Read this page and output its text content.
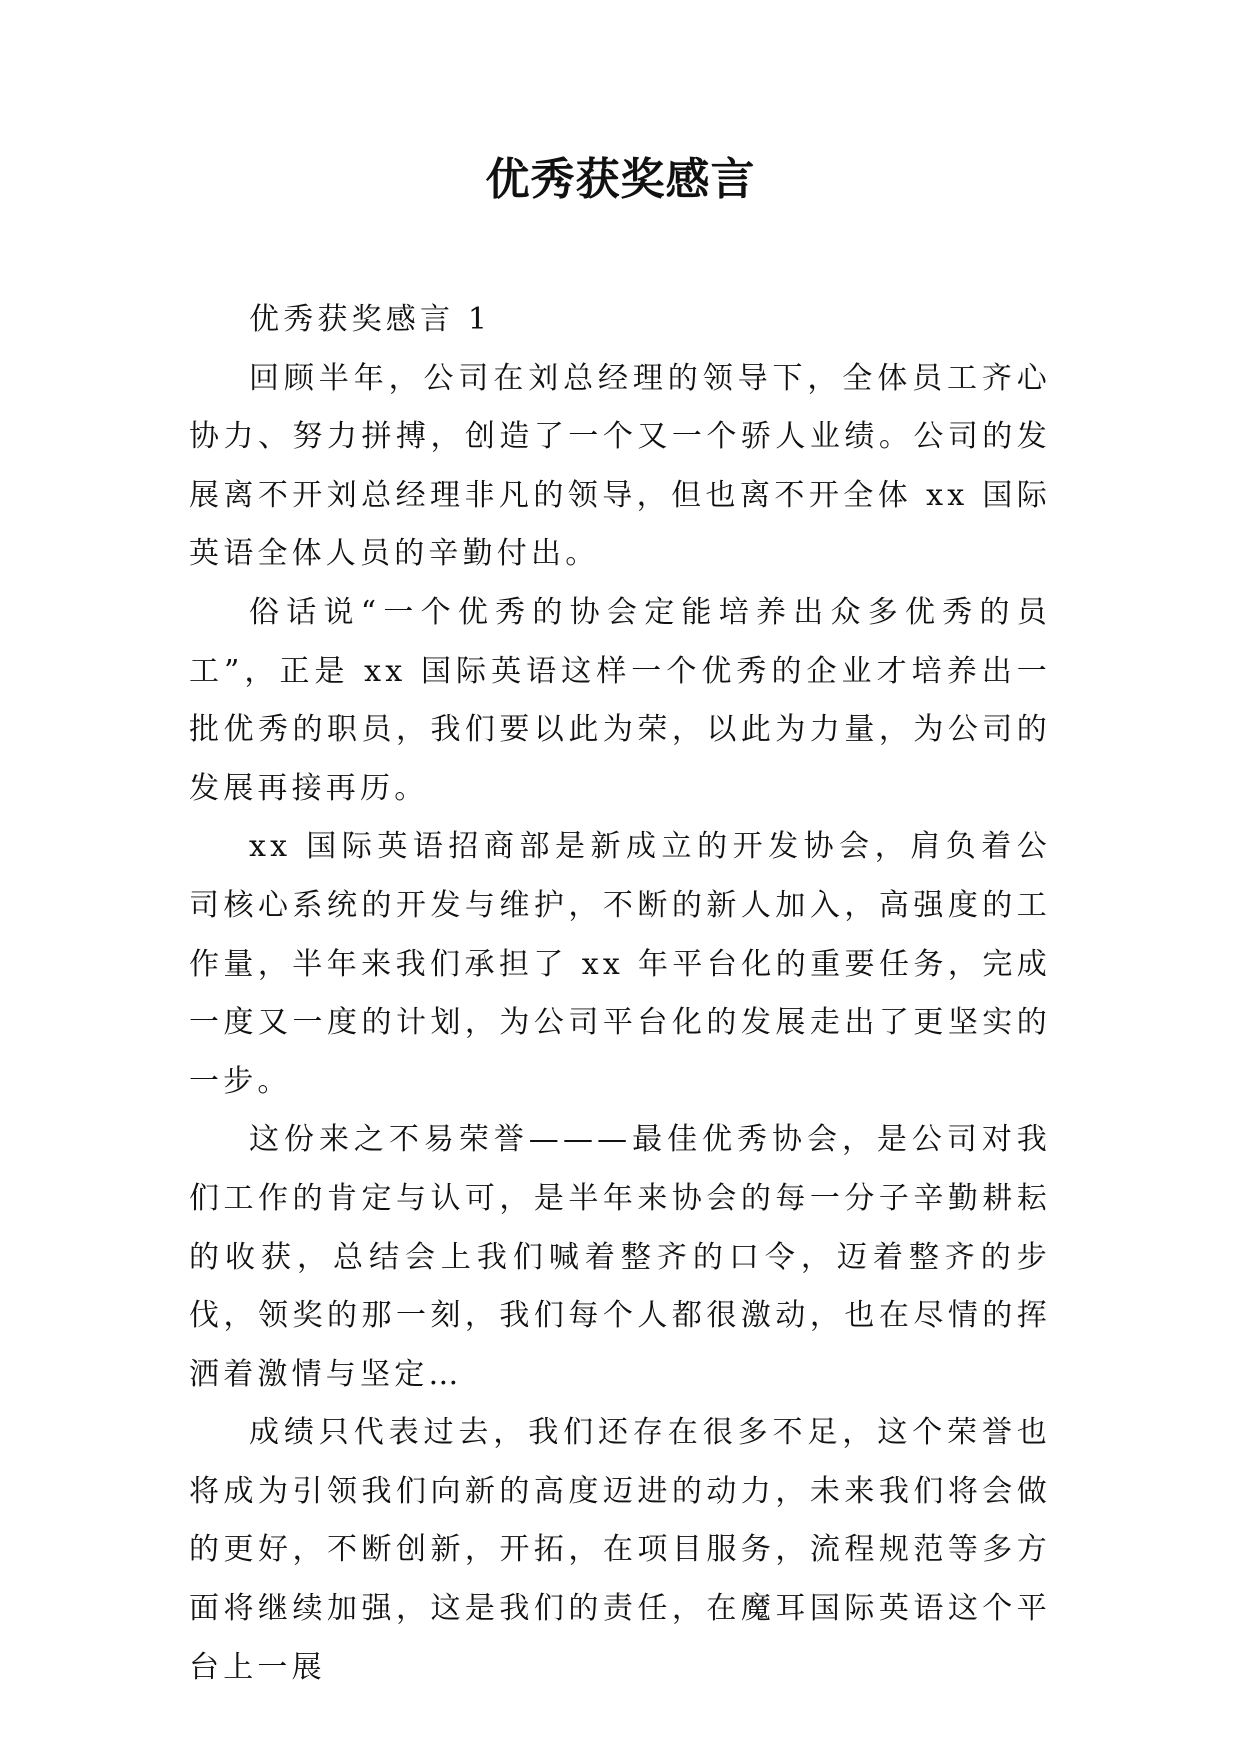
优秀获奖感言

优秀获奖感言 1

回顾半年，公司在刘总经理的领导下，全体员工齐心协力、努力拼搏，创造了一个又一个骄人业绩。公司的发展离不开刘总经理非凡的领导，但也离不开全体 xx 国际英语全体人员的辛勤付出。

俗话说“一个优秀的协会定能培养出众多优秀的员工”，正是 xx 国际英语这样一个优秀的企业才培养出一批优秀的职员，我们要以此为荣，以此为力量，为公司的发展再接再历。

xx 国际英语招商部是新成立的开发协会，肩负着公司核心系统的开发与维护，不断的新人加入，高强度的工作量，半年来我们承担了 xx 年平台化的重要任务，完成一度又一度的计划，为公司平台化的发展走出了更坚实的一步。

这份来之不易荣誉———最佳优秀协会，是公司对我们工作的肯定与认可，是半年来协会的每一分子辛勤耕耘的收获，总结会上我们喊着整齐的口令，迈着整齐的步伐，领奖的那一刻，我们每个人都很激动，也在尽情的挥洒着激情与坚定…

成绩只代表过去，我们还存在很多不足，这个荣誉也将成为引领我们向新的高度迈进的动力，未来我们将会做的更好，不断创新，开拓，在项目服务，流程规范等多方面将继续加强，这是我们的责任，在魔耳国际英语这个平台上一展
